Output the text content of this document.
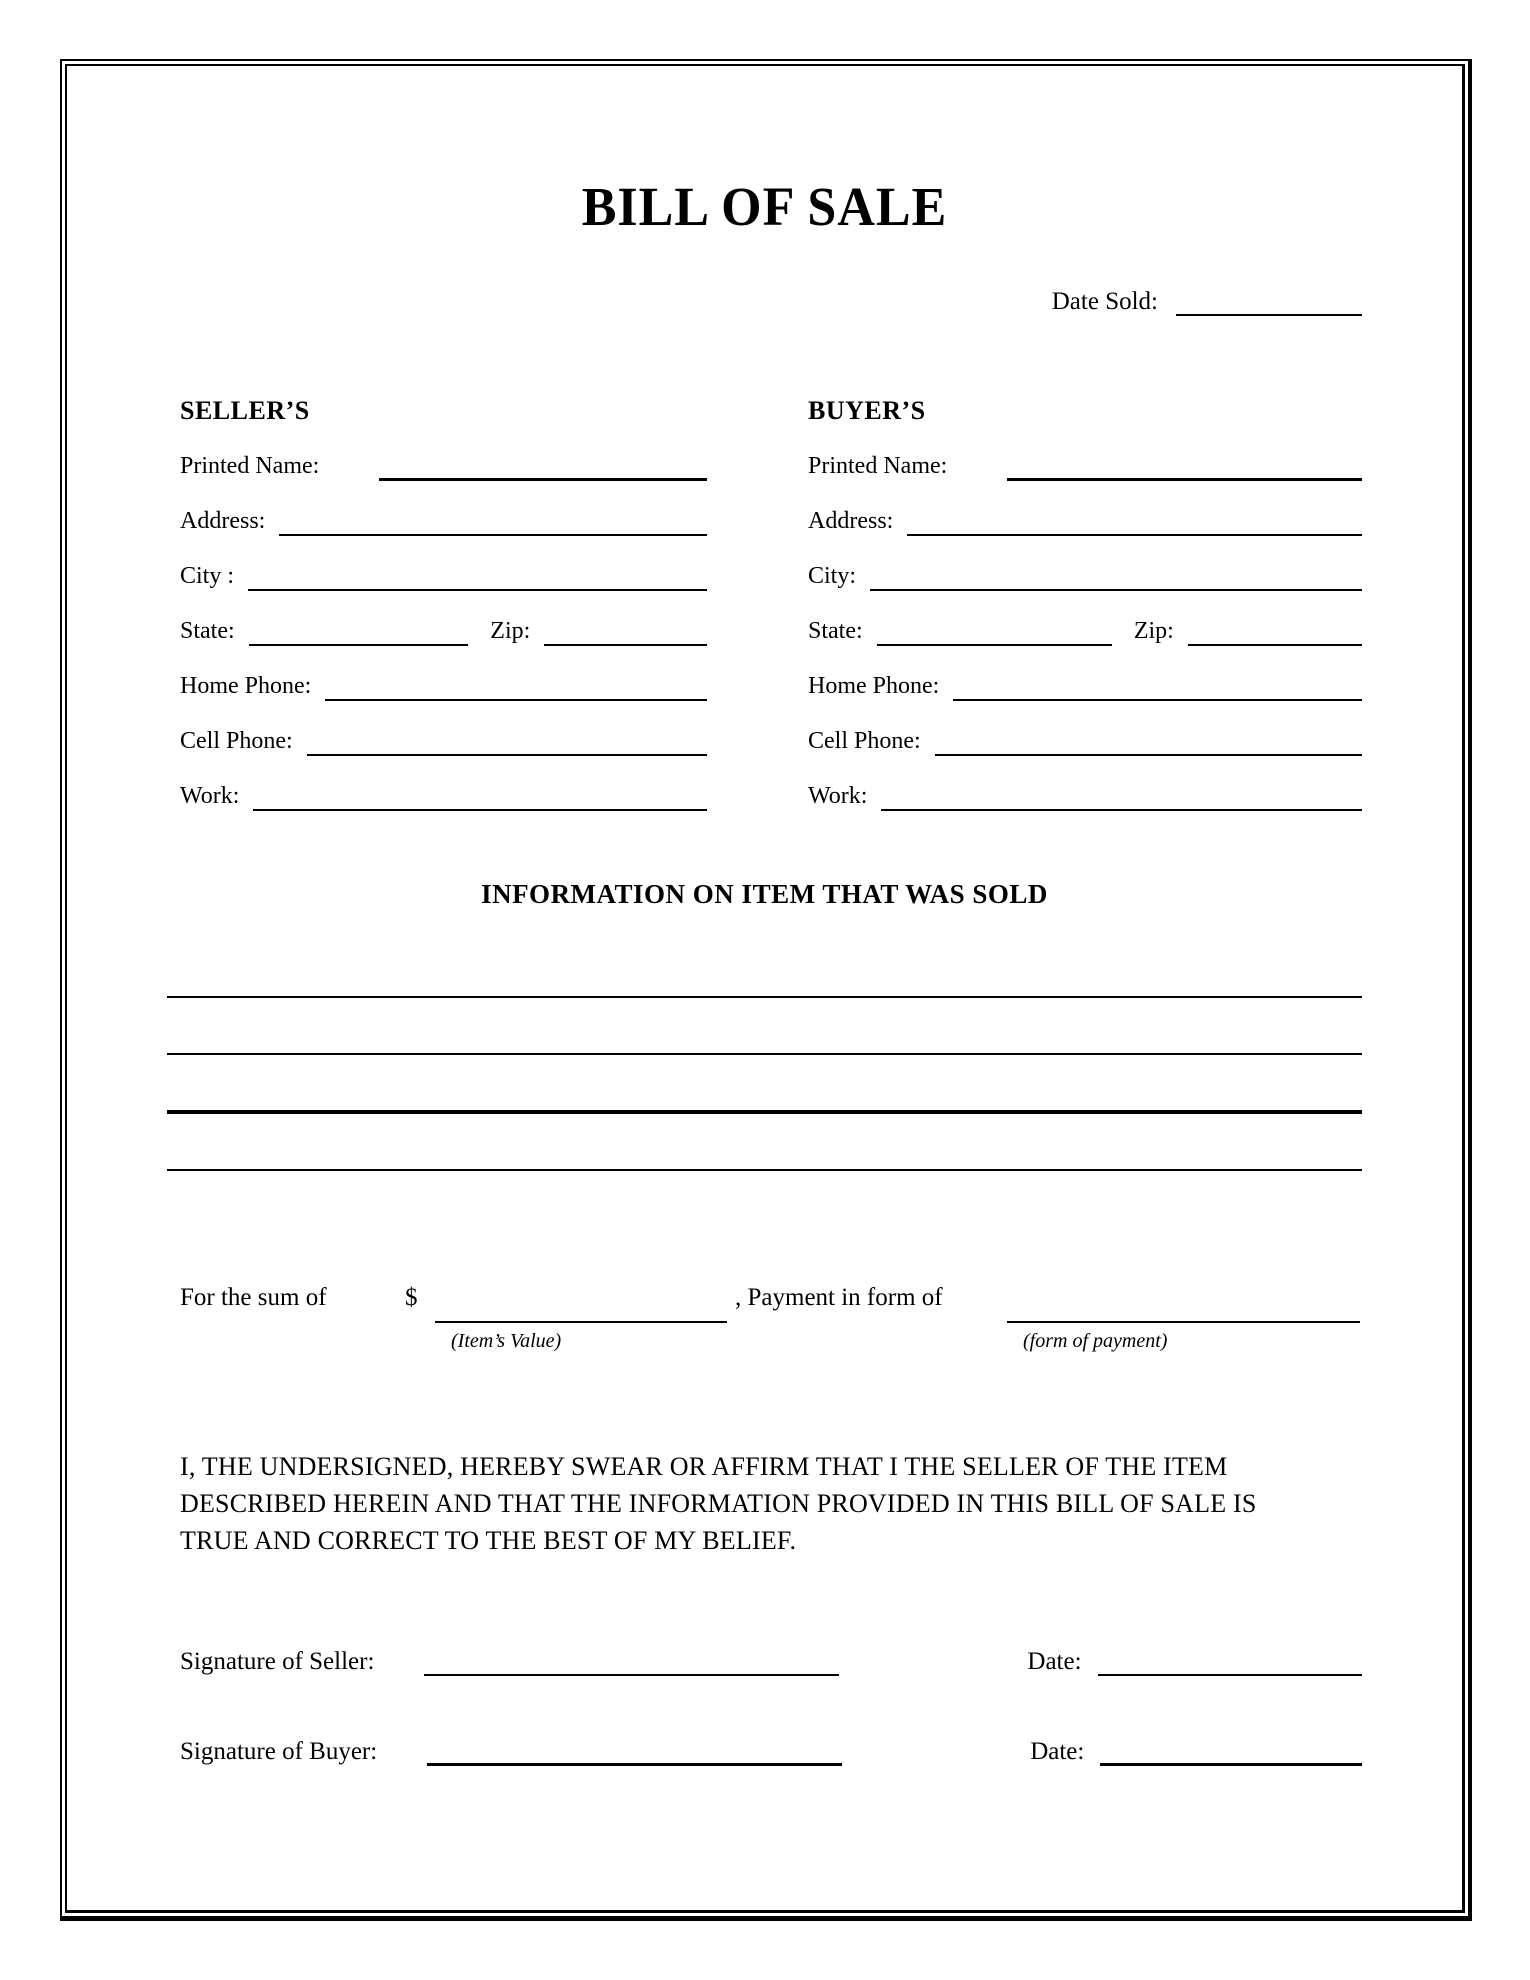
BILL OF SALE
Date Sold:
SELLER’S
Printed Name:
Address:
City :
State:	Zip:
Home Phone:
Cell Phone:
Work:
BUYER’S
Printed Name:
Address:
City:
State:	Zip:
Home Phone:
Cell Phone:
Work:
INFORMATION ON ITEM THAT WAS SOLD
For the sum of	$
(Item’s Value)
, Payment in form of
(form of payment)
I, THE UNDERSIGNED, HEREBY SWEAR OR AFFIRM THAT I THE SELLER OF THE ITEM
DESCRIBED HEREIN AND THAT THE INFORMATION PROVIDED IN THIS BILL OF SALE IS
TRUE AND CORRECT TO THE BEST OF MY BELIEF.
Signature of Seller:	Date:
Signature of Buyer:	Date:
